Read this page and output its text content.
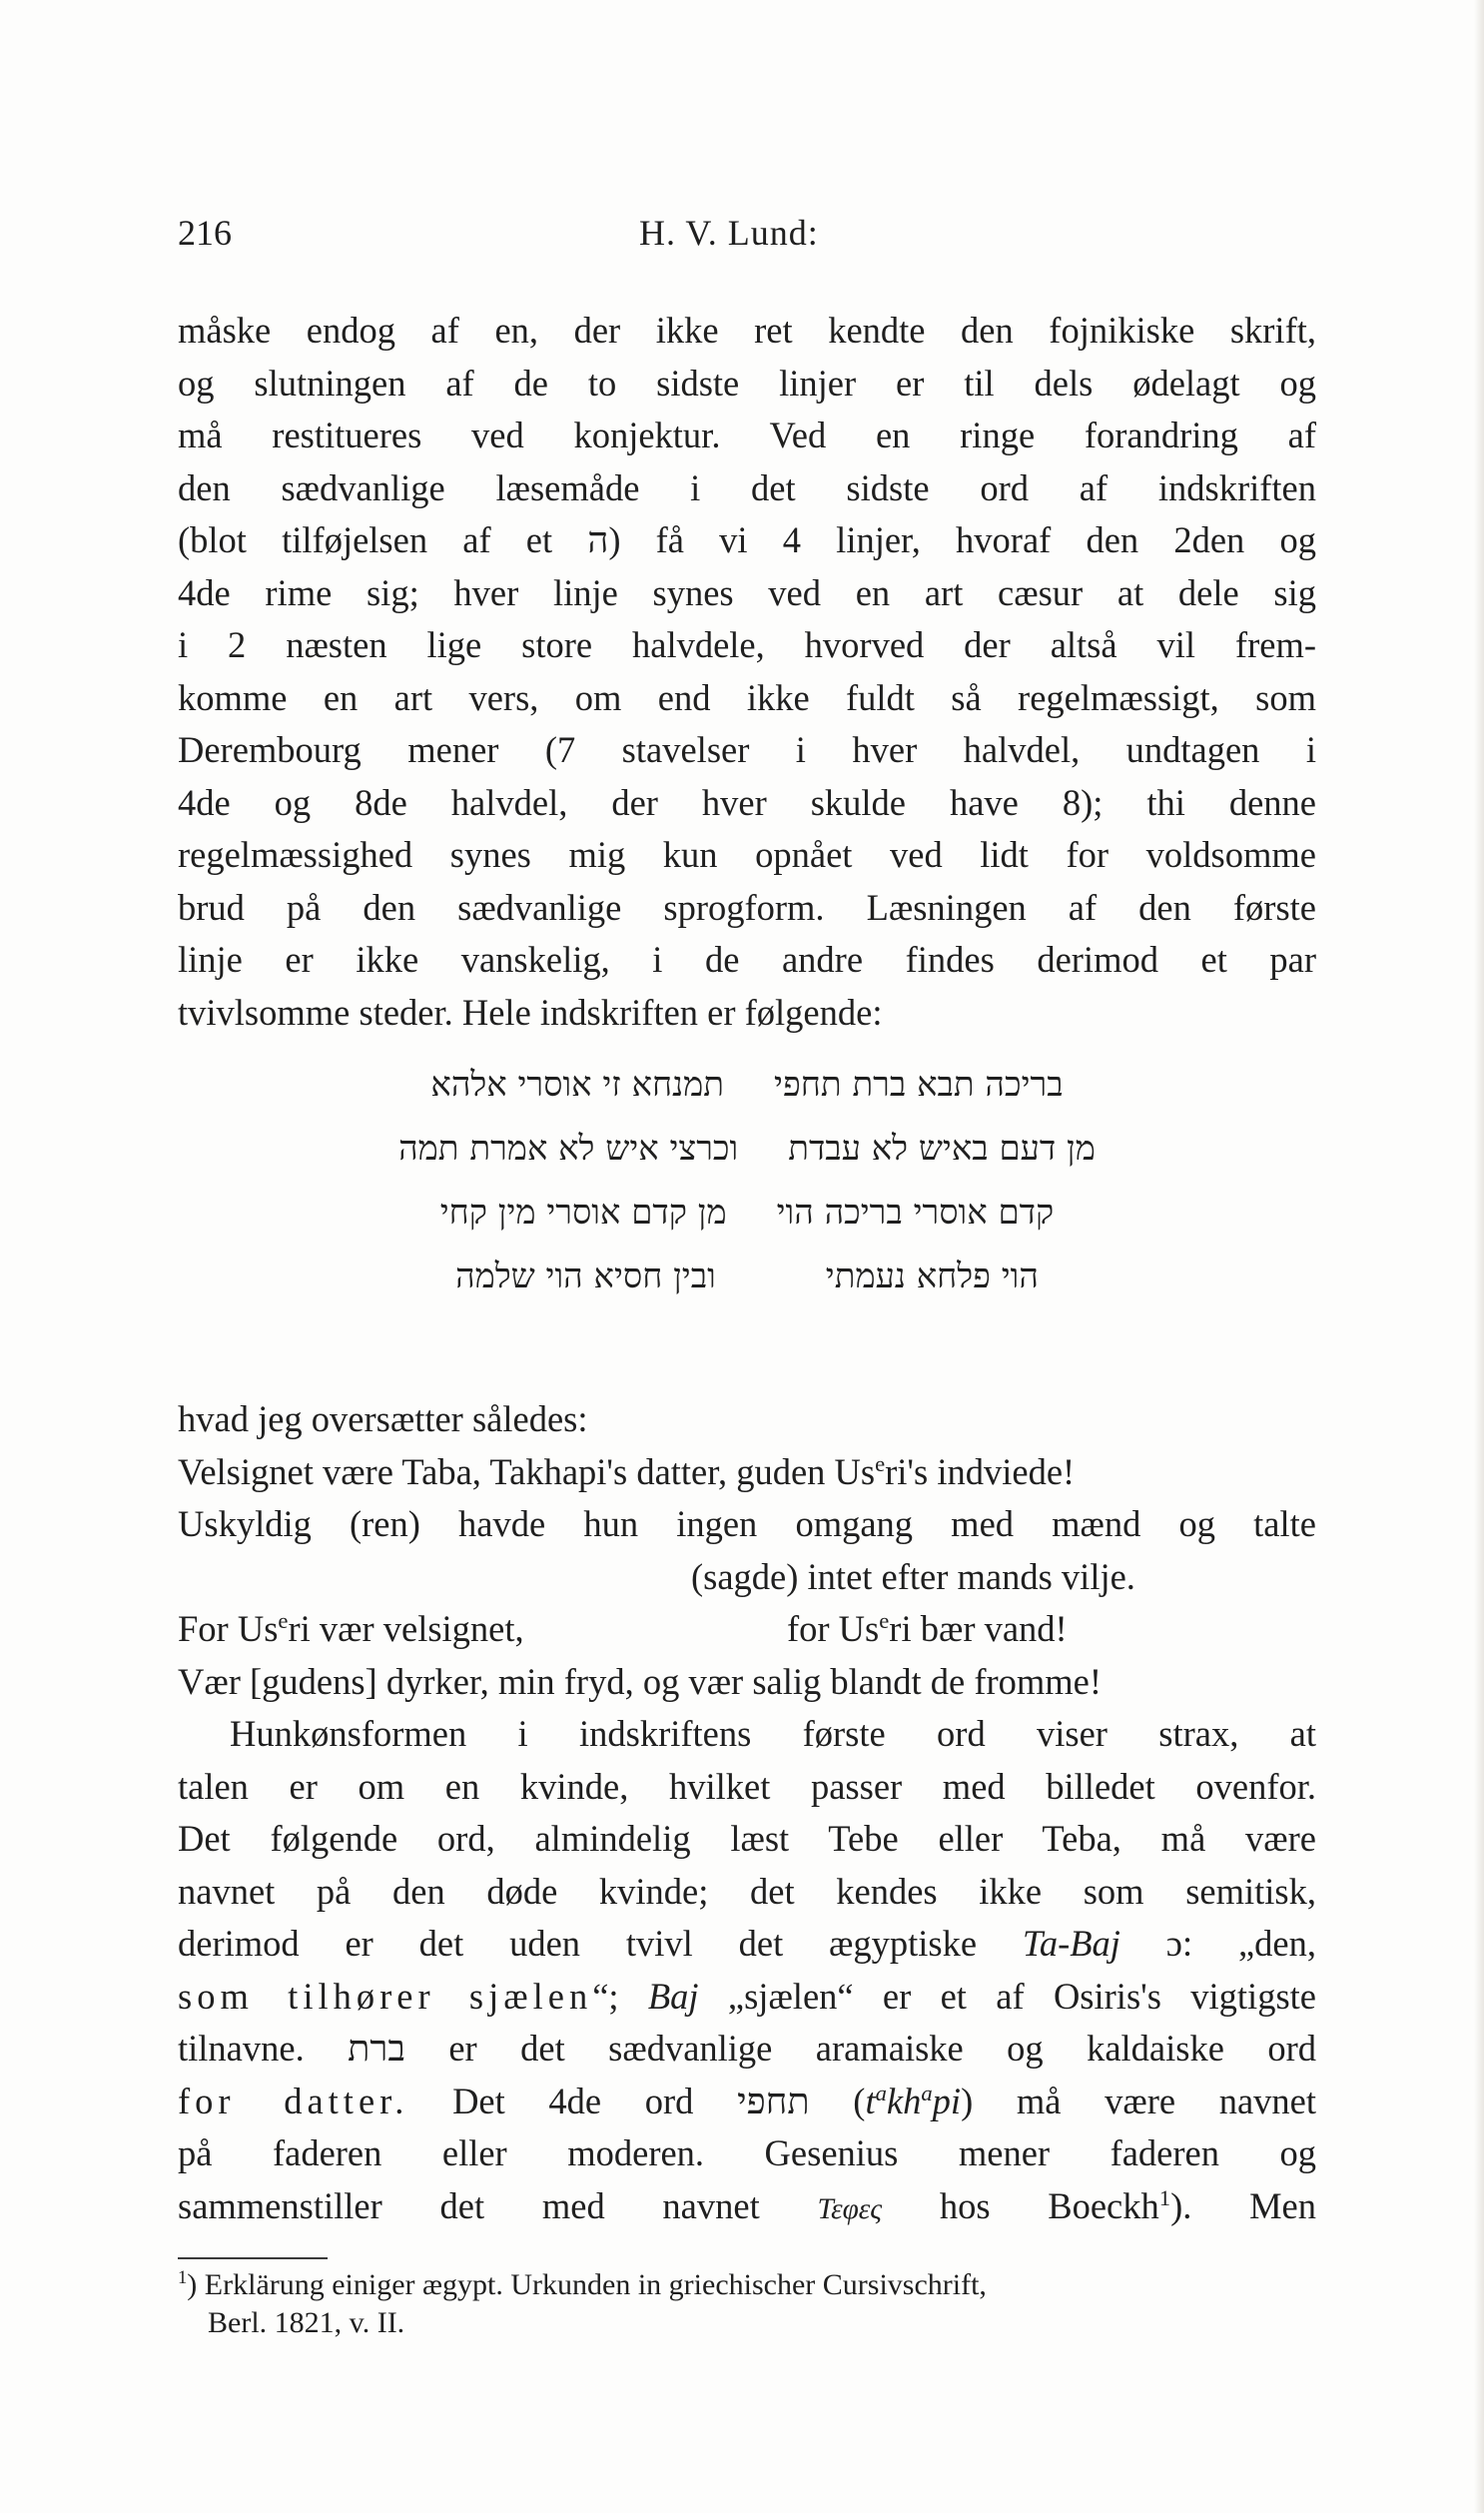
216	H. V. Lund:
måske endog af en, der ikke ret kendte den fojnikiske skrift,
og slutningen af de to sidste linjer er til dels ødelagt og
må restitueres ved konjektur. Ved en ringe forandring af
den sædvanlige læsemåde i det sidste ord af indskriften
(blot tilføjelsen af et ה) få vi 4 linjer, hvoraf den 2den og
4de rime sig; hver linje synes ved en art cæsur at dele sig
i 2 næsten lige store halvdele, hvorved der altså vil frem-
komme en art vers, om end ikke fuldt så regelmæssigt, som
Derembourg mener (7 stavelser i hver halvdel, undtagen i
4de og 8de halvdel, der hver skulde have 8); thi denne
regelmæssighed synes mig kun opnået ved lidt for voldsomme
brud på den sædvanlige sprogform. Læsningen af den første
linje er ikke vanskelig, i de andre findes derimod et par
tvivlsomme steder. Hele indskriften er følgende:
בריכה תבא ברת תחפיתמנחא זי אוסרי אלהא
מן דעם באיש לא עבדתוכרצי איש לא אמרת תמה
קדם אוסרי בריכה הוימן קדם אוסרי מין קחי
הוי פלחא נעמתיובין חסיא הוי שלמה
hvad jeg oversætter således:
Velsignet være Taba, Takhapi's datter, guden Us$^e$ri's indviede!
Uskyldig (ren) havde hun ingen omgang med mænd og talte
(sagde) intet efter mands vilje.
For Us$^e$ri vær velsignet,	for Us$^e$ri bær vand!
Vær [gudens] dyrker, min fryd, og vær salig blandt de fromme!
Hunkønsformen i indskriftens første ord viser strax, at
talen er om en kvinde, hvilket passer med billedet ovenfor.
Det følgende ord, almindelig læst Tebe eller Teba, må være
navnet på den døde kvinde; det kendes ikke som semitisk,
derimod er det uden tvivl det ægyptiske Ta-Baj ɔ: „den,
som tilhører sjælen“; Baj „sjælen“ er et af Osiris's vigtigste
tilnavne. ברת er det sædvanlige aramaiske og kaldaiske ord
for datter. Det 4de ord תחפי $(t^akh^api)$ må være navnet
på faderen eller moderen. Gesenius mener faderen og
sammenstiller det med navnet Τεφες hos Boeckh$^1$). Men
$^1$) Erklärung einiger ægypt. Urkunden in griechischer Cursivschrift,
Berl. 1821, v. II.
